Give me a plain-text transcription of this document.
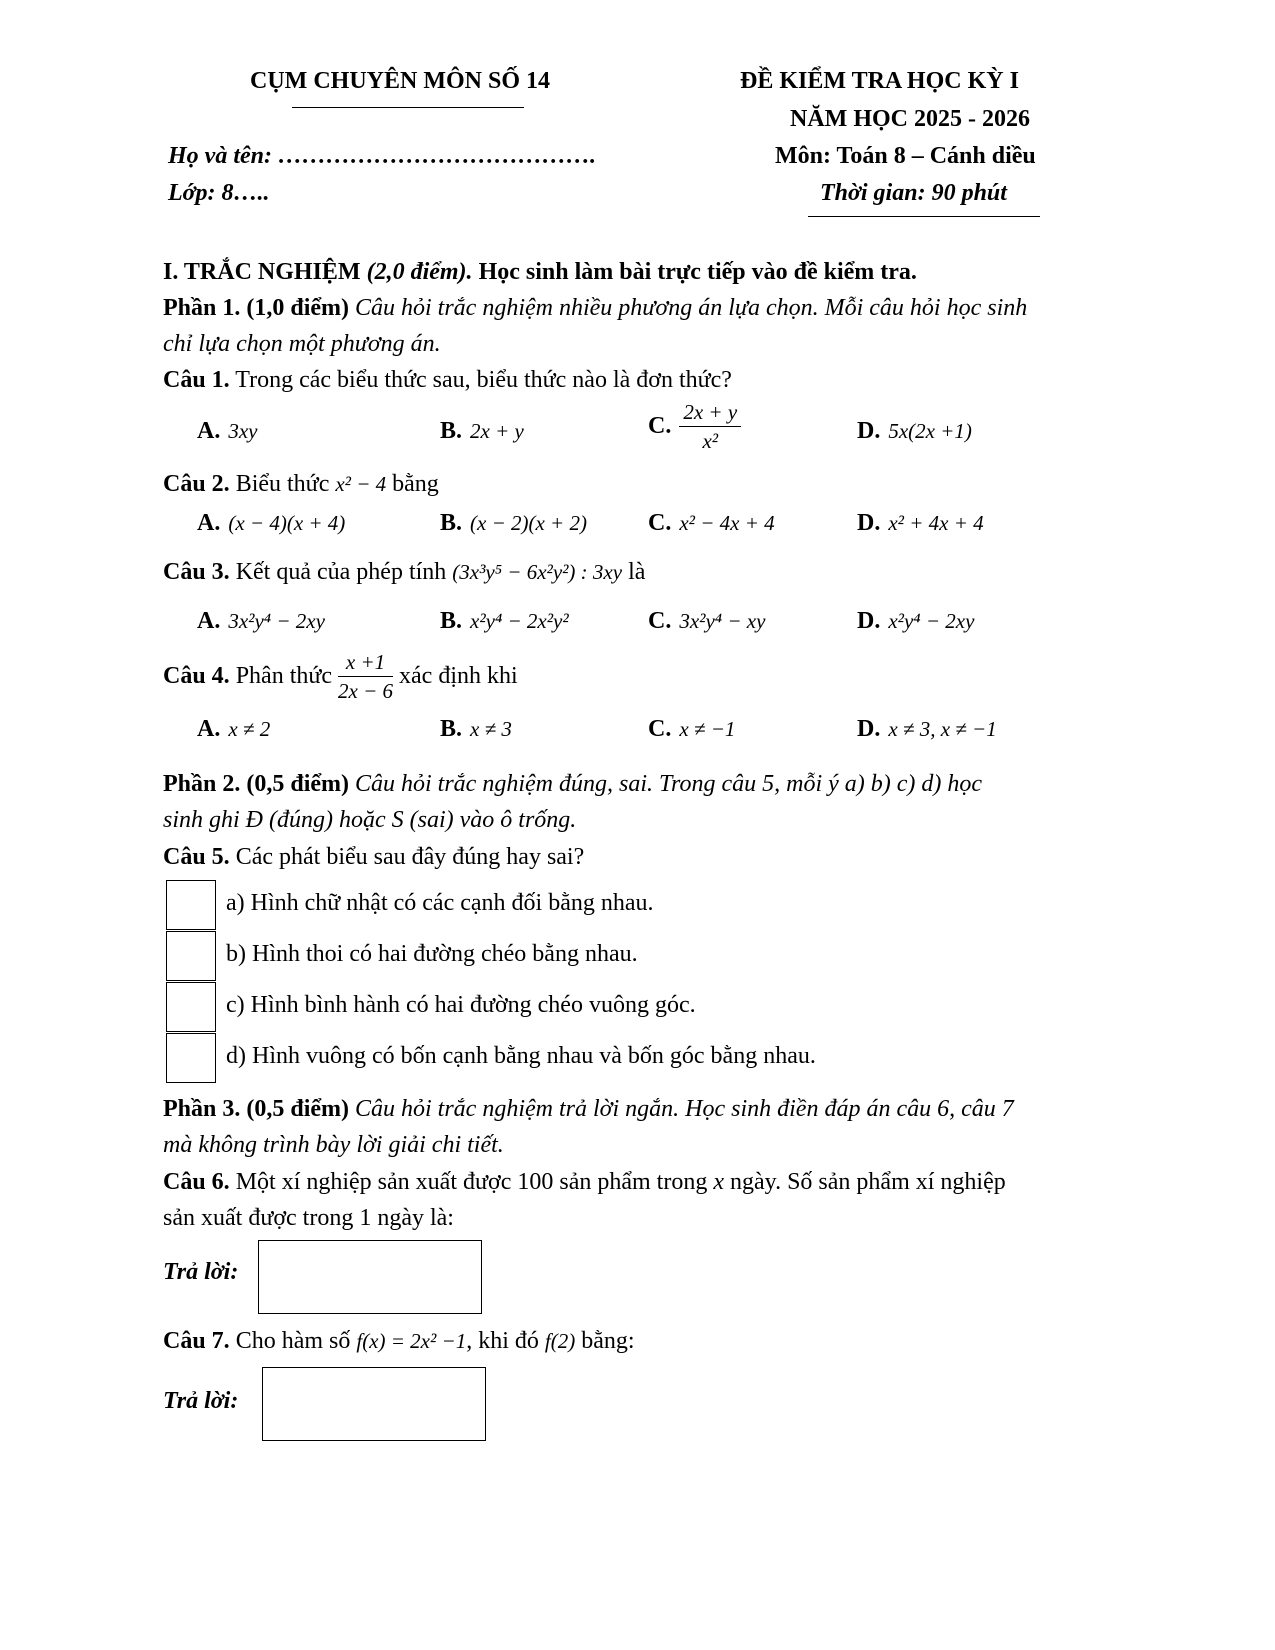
CỤM CHUYÊN MÔN SỐ 14	ĐỀ KIỂM TRA HỌC KỲ I
NĂM HỌC 2025 - 2026
Họ và tên: ………………………………….	Môn: Toán 8 – Cánh diều
Lớp: 8…..	Thời gian: 90 phút
I. TRẮC NGHIỆM (2,0 điểm). Học sinh làm bài trực tiếp vào đề kiểm tra.
Phần 1. (1,0 điểm) Câu hỏi trắc nghiệm nhiều phương án lựa chọn. Mỗi câu hỏi học sinh
chỉ lựa chọn một phương án.
Câu 1. Trong các biểu thức sau, biểu thức nào là đơn thức?
A. 3xy	B. 2x + y	C. $\frac{2x + y}{\text{x²}}$	D. 5x(2x +1)
Câu 2. Biểu thức x² − 4 bằng
A. (x − 4)(x + 4)	B. (x − 2)(x + 2)	C. x² − 4x + 4	D. x² + 4x + 4
Câu 3. Kết quả của phép tính (3x³y⁵ − 6x²y²) : 3xy là
A. 3x²y⁴ − 2xy	B. x²y⁴ − 2x²y²	C. 3x²y⁴ − xy	D. x²y⁴ − 2xy
Câu 4. Phân thức $\frac{x +1}{2x - 6}$ xác định khi
A. x ≠ 2	B. x ≠ 3	C. x ≠ −1	D. x ≠ 3, x ≠ −1
Phần 2. (0,5 điểm) Câu hỏi trắc nghiệm đúng, sai. Trong câu 5, mỗi ý a) b) c) d) học
sinh ghi Đ (đúng) hoặc S (sai) vào ô trống.
Câu 5. Các phát biểu sau đây đúng hay sai?
a) Hình chữ nhật có các cạnh đối bằng nhau.
b) Hình thoi có hai đường chéo bằng nhau.
c) Hình bình hành có hai đường chéo vuông góc.
d) Hình vuông có bốn cạnh bằng nhau và bốn góc bằng nhau.
Phần 3. (0,5 điểm) Câu hỏi trắc nghiệm trả lời ngắn. Học sinh điền đáp án câu 6, câu 7
mà không trình bày lời giải chi tiết.
Câu 6. Một xí nghiệp sản xuất được 100 sản phẩm trong x ngày. Số sản phẩm xí nghiệp
sản xuất được trong 1 ngày là:
Trả lời:
Câu 7. Cho hàm số f(x) = 2x² −1, khi đó f(2) bằng:
Trả lời:
